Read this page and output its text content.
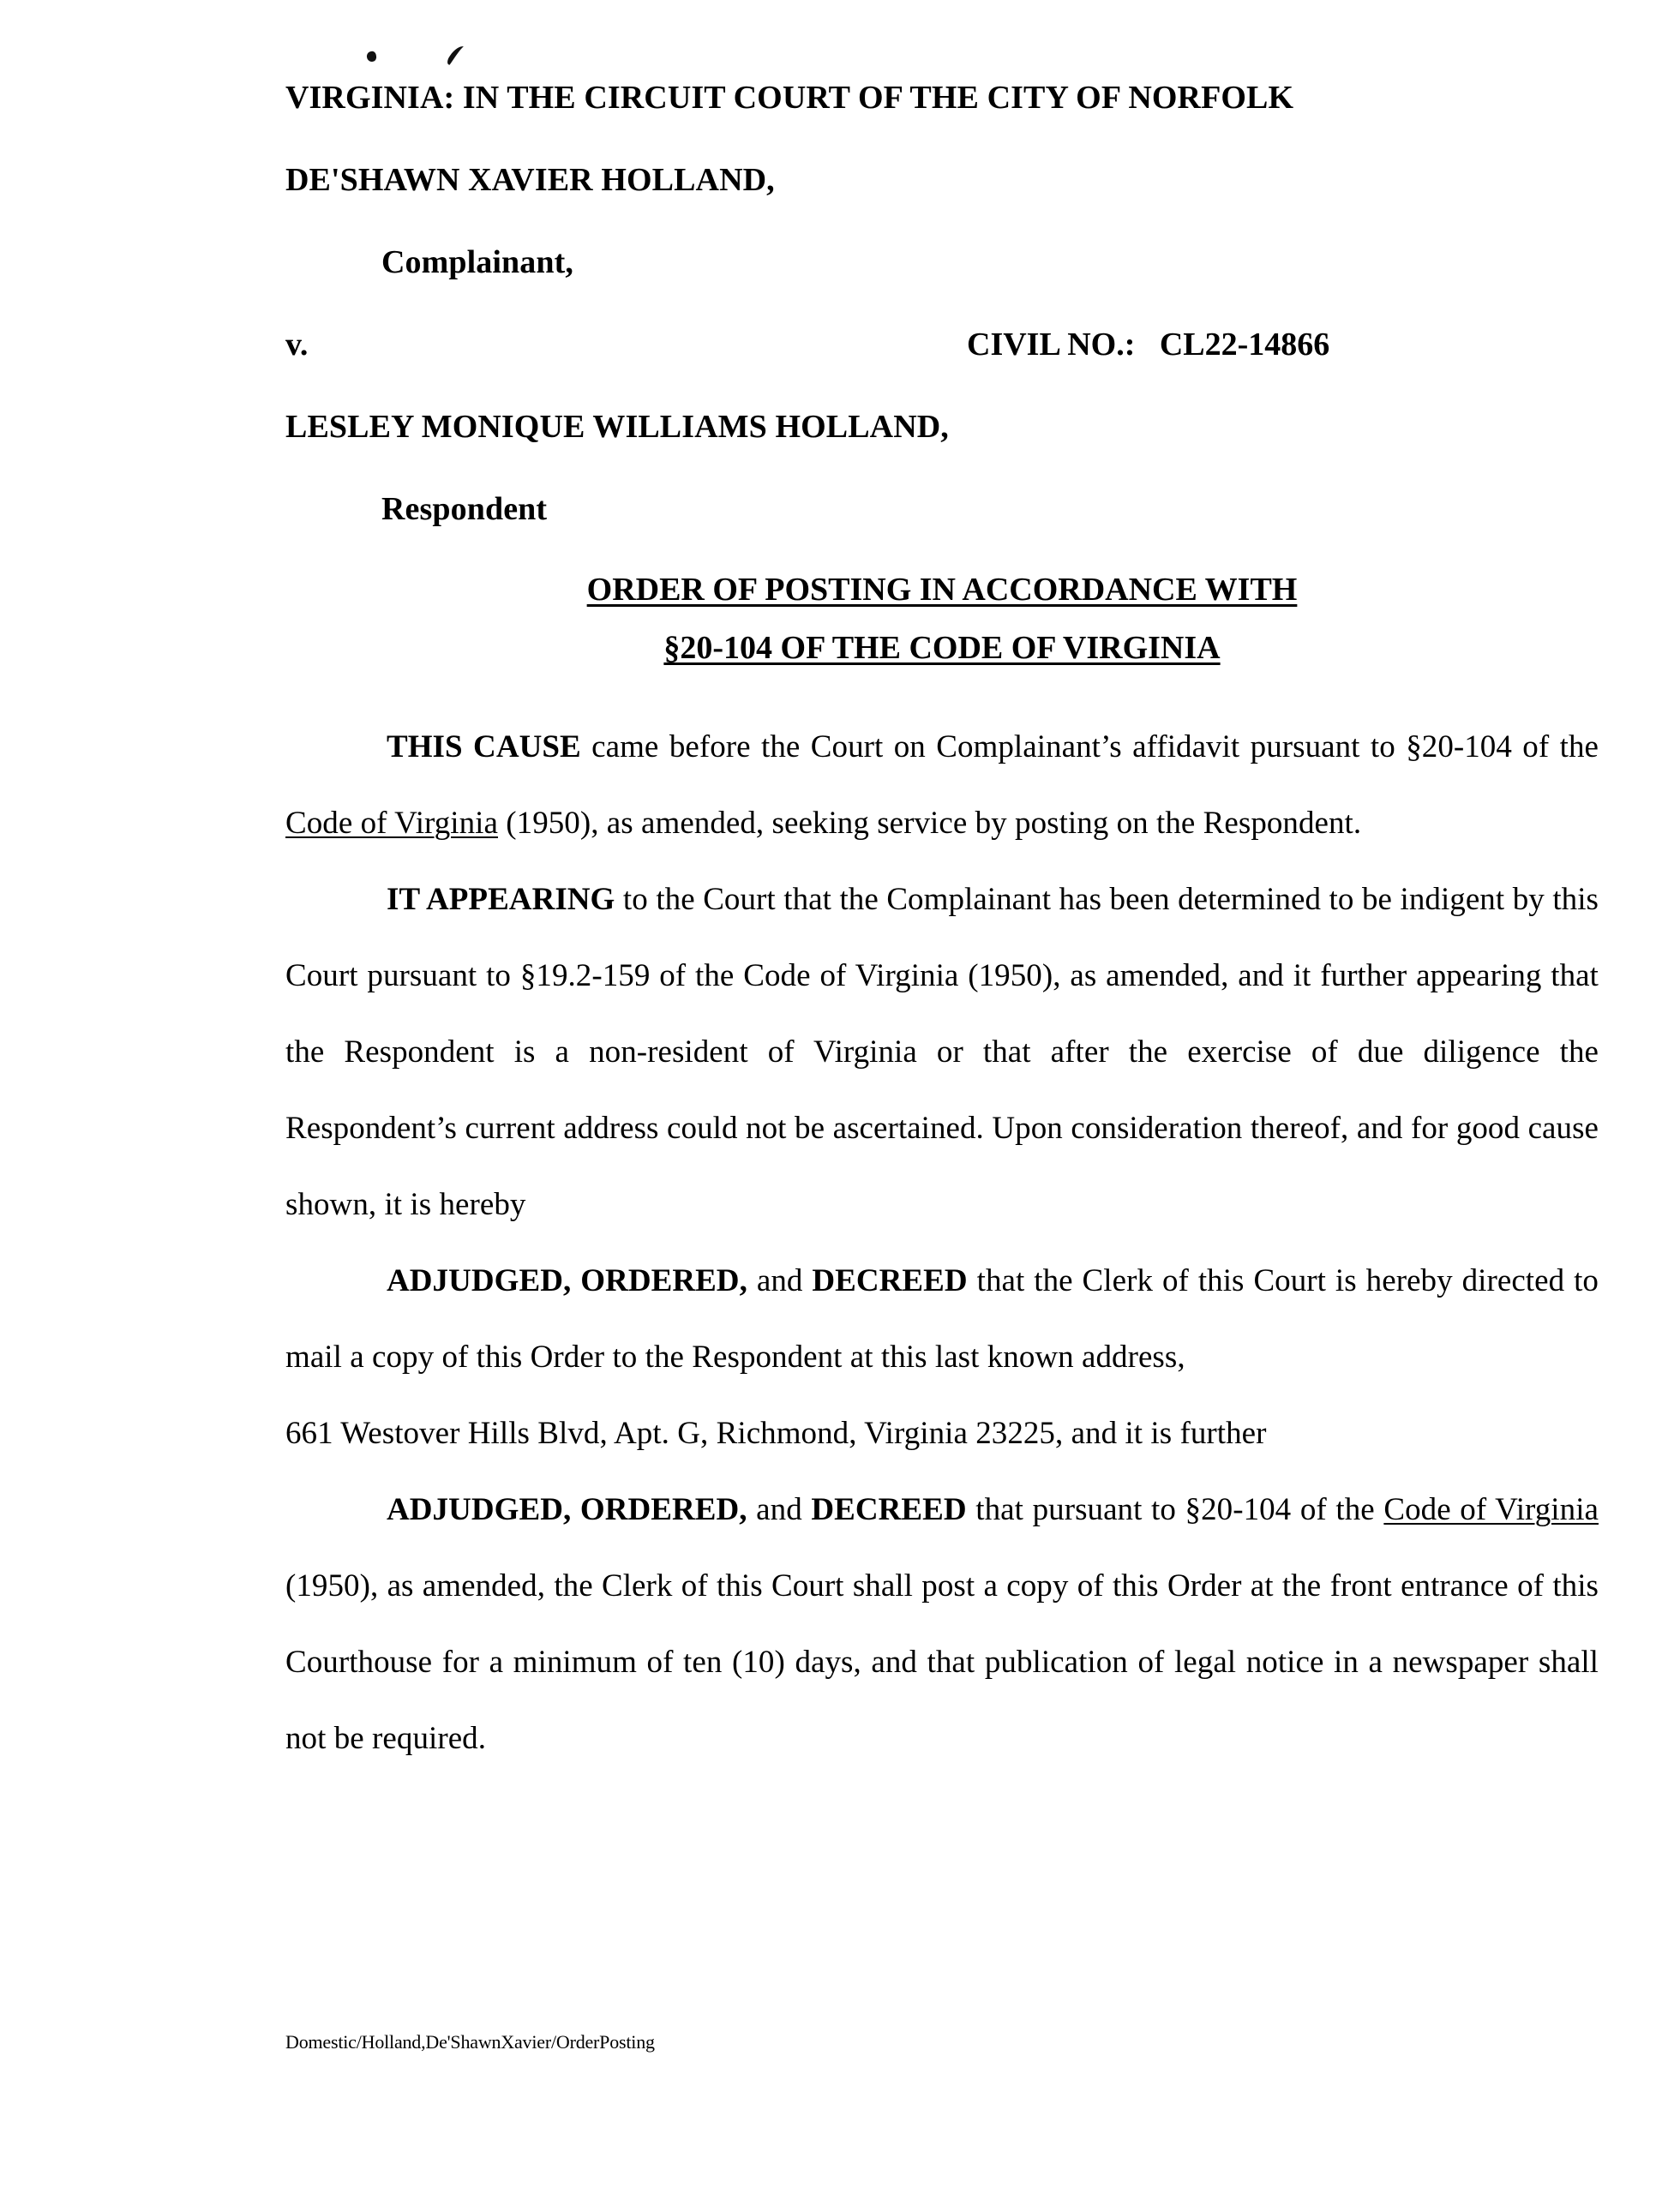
VIRGINIA: IN THE CIRCUIT COURT OF THE CITY OF NORFOLK
DE'SHAWN XAVIER HOLLAND,
Complainant,
v.	CIVIL NO.:   CL22-14866
LESLEY MONIQUE WILLIAMS HOLLAND,
Respondent
ORDER OF POSTING IN ACCORDANCE WITH
§20-104 OF THE CODE OF VIRGINIA

THIS CAUSE came before the Court on Complainant’s affidavit pursuant to §20-104 of the Code of Virginia (1950), as amended, seeking service by posting on the Respondent.

IT APPEARING to the Court that the Complainant has been determined to be indigent by this Court pursuant to §19.2-159 of the Code of Virginia (1950), as amended, and it further appearing that the Respondent is a non-resident of Virginia or that after the exercise of due diligence the Respondent’s current address could not be ascertained. Upon consideration thereof, and for good cause shown, it is hereby

ADJUDGED, ORDERED, and DECREED that the Clerk of this Court is hereby directed to mail a copy of this Order to the Respondent at this last known address,

661 Westover Hills Blvd, Apt. G, Richmond, Virginia 23225, and it is further

ADJUDGED, ORDERED, and DECREED that pursuant to §20-104 of the Code of Virginia (1950), as amended, the Clerk of this Court shall post a copy of this Order at the front entrance of this Courthouse for a minimum of ten (10) days, and that publication of legal notice in a newspaper shall not be required.

Domestic/Holland,De'ShawnXavier/OrderPosting
